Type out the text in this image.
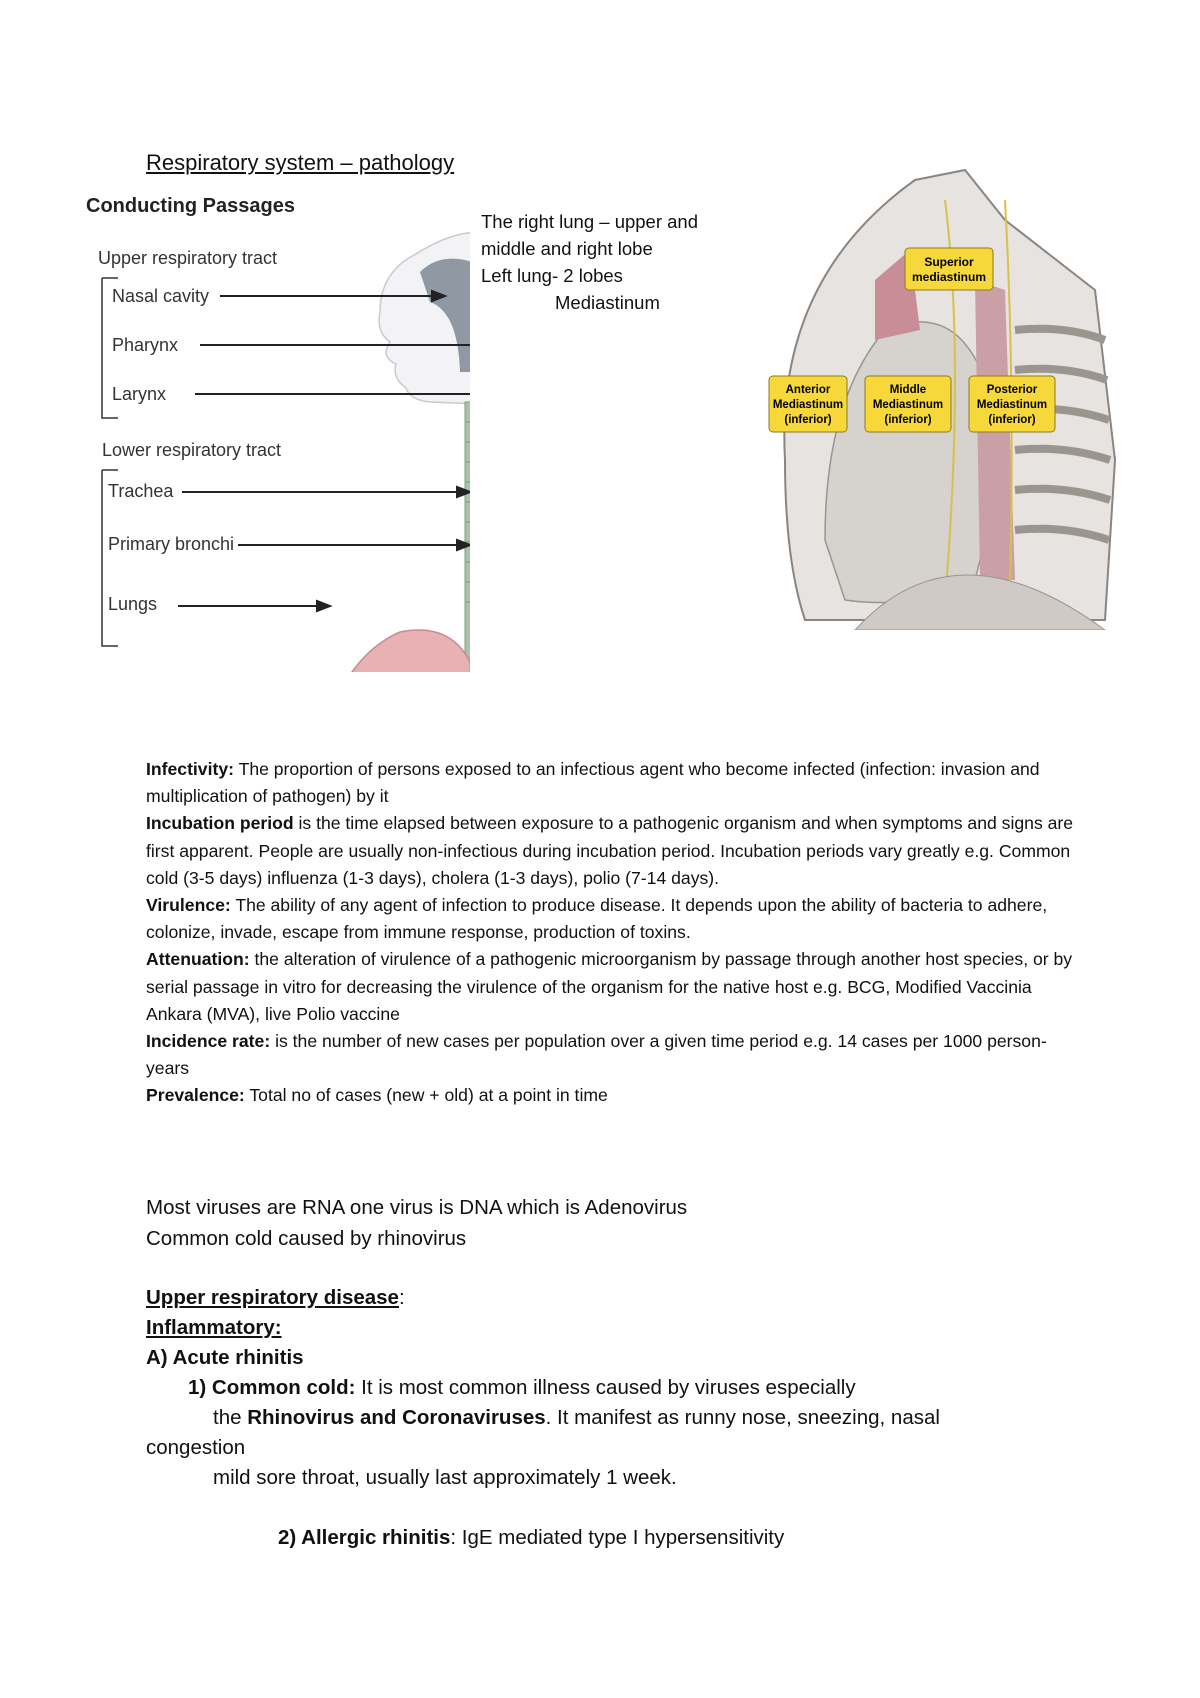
Respiratory system – pathology
Conducting Passages
Upper respiratory tract
Nasal cavity
Pharynx
Larynx
Lower respiratory tract
Trachea
Primary bronchi
Lungs
The right lung – upper and
middle and right lobe
Left lung- 2 lobes
Mediastinum
Superior
mediastinum
Anterior
Mediastinum
(inferior)
Middle
Mediastinum
(inferior)
Posterior
Mediastinum
(inferior)

Infectivity: The proportion of persons exposed to an infectious agent who become infected (infection: invasion and multiplication of pathogen) by it

Incubation period is the time elapsed between exposure to a pathogenic organism and when symptoms and signs are first apparent. People are usually non-infectious during incubation period. Incubation periods vary greatly e.g. Common cold (3-5 days) influenza (1-3 days), cholera (1-3 days), polio (7-14 days).

Virulence: The ability of any agent of infection to produce disease. It depends upon the ability of bacteria to adhere, colonize, invade, escape from immune response, production of toxins.

Attenuation: the alteration of virulence of a pathogenic microorganism by passage through another host species, or by serial passage in vitro for decreasing the virulence of the organism for the native host e.g. BCG, Modified Vaccinia Ankara (MVA), live Polio vaccine

Incidence rate: is the number of new cases per population over a given time period e.g. 14 cases per 1000 person-years

Prevalence: Total no of cases (new + old) at a point in time

Most viruses are RNA one virus is DNA which is Adenovirus

Common cold caused by rhinovirus

Upper respiratory disease:

Inflammatory:

A) Acute rhinitis

1) Common cold: It is most common illness caused by viruses especially

the Rhinovirus and Coronaviruses. It manifest as runny nose, sneezing, nasal

congestion

mild sore throat, usually last approximately 1 week.

2) Allergic rhinitis: IgE mediated type I hypersensitivity
